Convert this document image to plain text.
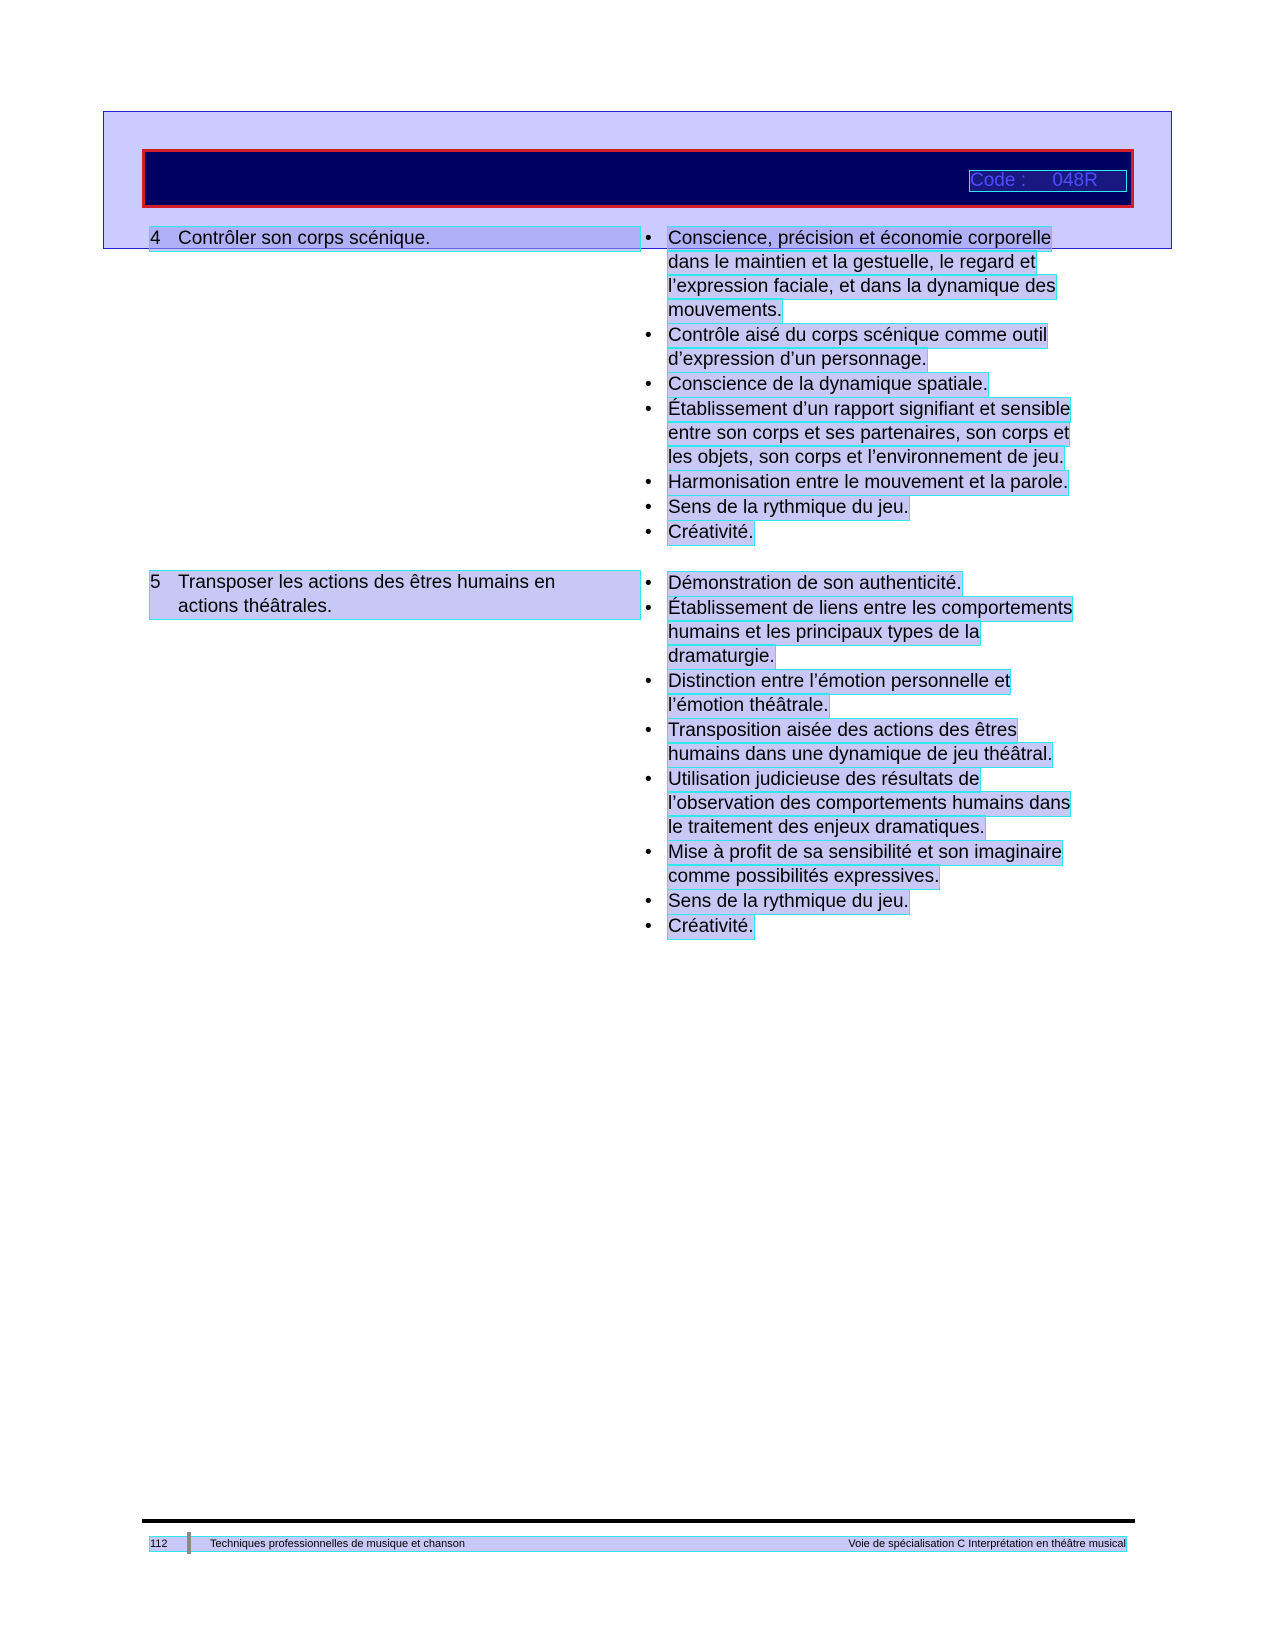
Code :     048R
4 Contrôler son corps scénique.	• Conscience, précision et économie corporelle
dans le maintien et la gestuelle, le regard et
l’expression faciale, et dans la dynamique des
mouvements.
• Contrôle aisé du corps scénique comme outil
d’expression d’un personnage.
• Conscience de la dynamique spatiale.
• Établissement d’un rapport signifiant et sensible
entre son corps et ses partenaires, son corps et
les objets, son corps et l’environnement de jeu.
• Harmonisation entre le mouvement et la parole.
• Sens de la rythmique du jeu.
• Créativité.
5 Transposer les actions des êtres humains en
actions théâtrales.
• Démonstration de son authenticité.
• Établissement de liens entre les comportements
humains et les principaux types de la
dramaturgie.
• Distinction entre l’émotion personnelle et
l’émotion théâtrale.
• Transposition aisée des actions des êtres
humains dans une dynamique de jeu théâtral.
• Utilisation judicieuse des résultats de
l’observation des comportements humains dans
le traitement des enjeux dramatiques.
• Mise à profit de sa sensibilité et son imaginaire
comme possibilités expressives.
• Sens de la rythmique du jeu.
• Créativité.
112	Techniques professionnelles de musique et chanson	Voie de spécialisation C Interprétation en théâtre musical
